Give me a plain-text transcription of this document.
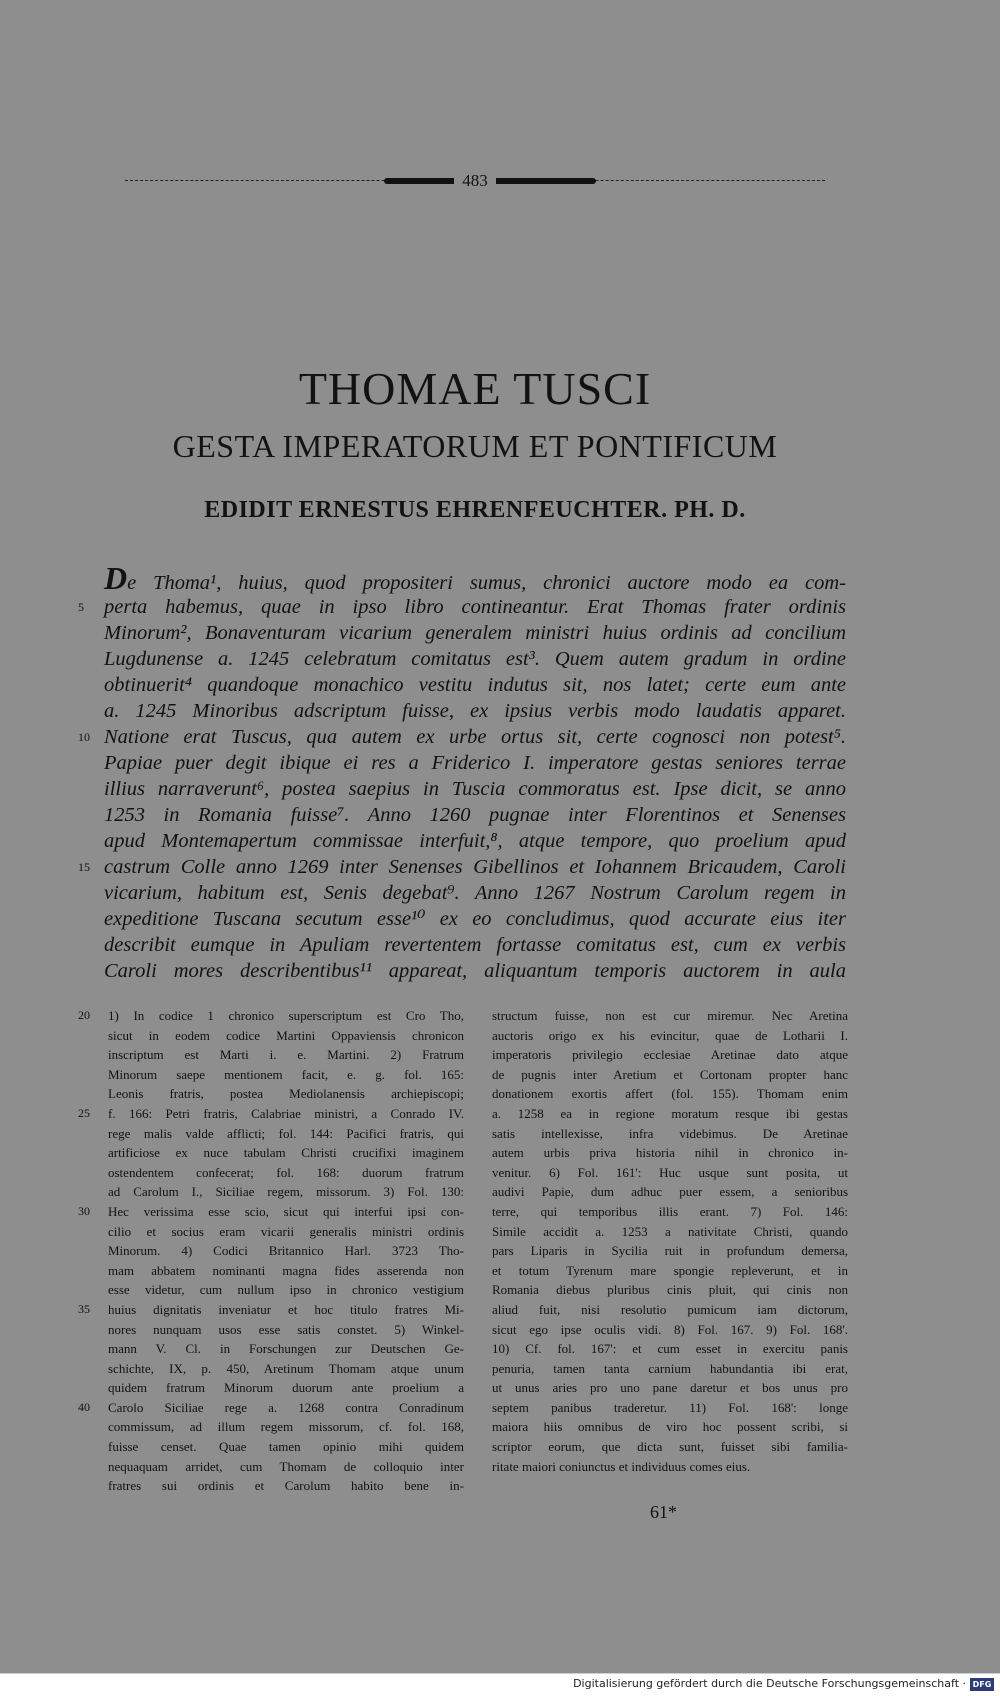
483
THOMAE TUSCI
GESTA IMPERATORUM ET PONTIFICUM
EDIDIT ERNESTUS EHRENFEUCHTER. PH. D.
De Thoma¹, huius, quod propositeri sumus, chronici auctore modo ea com-
perta habemus, quae in ipso libro contineantur. Erat Thomas frater ordinis
5
Minorum², Bonaventuram vicarium generalem ministri huius ordinis ad concilium
Lugdunense a. 1245 celebratum comitatus est³. Quem autem gradum in ordine
obtinuerit⁴ quandoque monachico vestitu indutus sit, nos latet; certe eum ante
a. 1245 Minoribus adscriptum fuisse, ex ipsius verbis modo laudatis apparet.
Natione erat Tuscus, qua autem ex urbe ortus sit, certe cognosci non potest⁵.
10
Papiae puer degit ibique ei res a Friderico I. imperatore gestas seniores terrae
illius narraverunt⁶, postea saepius in Tuscia commoratus est. Ipse dicit, se anno
1253 in Romania fuisse⁷. Anno 1260 pugnae inter Florentinos et Senenses
apud Montemapertum commissae interfuit,⁸, atque tempore, quo proelium apud
castrum Colle anno 1269 inter Senenses Gibellinos et Iohannem Bricaudem, Caroli
15
vicarium, habitum est, Senis degebat⁹. Anno 1267 Nostrum Carolum regem in
expeditione Tuscana secutum esse¹⁰ ex eo concludimus, quod accurate eius iter
describit eumque in Apuliam revertentem fortasse comitatus est, cum ex verbis
Caroli mores describentibus¹¹ appareat, aliquantum temporis auctorem in aula
1) In codice 1 chronico superscriptum est Cro Tho,
20
sicut in eodem codice Martini Oppaviensis chronicon
inscriptum est Marti i. e. Martini. 2) Fratrum
Minorum saepe mentionem facit, e. g. fol. 165:
Leonis fratris, postea Mediolanensis archiepiscopi;
f. 166: Petri fratris, Calabriae ministri, a Conrado IV.
25
rege malis valde afflicti; fol. 144: Pacifici fratris, qui
artificiose ex nuce tabulam Christi crucifixi imaginem
ostendentem confecerat; fol. 168: duorum fratrum
ad Carolum I., Siciliae regem, missorum. 3) Fol. 130:
Hec verissima esse scio, sicut qui interfui ipsi con-
30
cilio et socius eram vicarii generalis ministri ordinis
Minorum. 4) Codici Britannico Harl. 3723 Tho-
mam abbatem nominanti magna fides asserenda non
esse videtur, cum nullum ipso in chronico vestigium
huius dignitatis inveniatur et hoc titulo fratres Mi-
35
nores nunquam usos esse satis constet. 5) Winkel-
mann V. Cl. in Forschungen zur Deutschen Ge-
schichte, IX, p. 450, Aretinum Thomam atque unum
quidem fratrum Minorum duorum ante proelium a
Carolo Siciliae rege a. 1268 contra Conradinum
40
commissum, ad illum regem missorum, cf. fol. 168,
fuisse censet. Quae tamen opinio mihi quidem
nequaquam arridet, cum Thomam de colloquio inter
fratres sui ordinis et Carolum habito bene in-
structum fuisse, non est cur miremur. Nec Aretina
auctoris origo ex his evincitur, quae de Lotharii I.
imperatoris privilegio ecclesiae Aretinae dato atque
de pugnis inter Aretium et Cortonam propter hanc
donationem exortis affert (fol. 155). Thomam enim
a. 1258 ea in regione moratum resque ibi gestas
satis intellexisse, infra videbimus. De Aretinae
autem urbis priva historia nihil in chronico in-
venitur. 6) Fol. 161': Huc usque sunt posita, ut
audivi Papie, dum adhuc puer essem, a senioribus
terre, qui temporibus illis erant. 7) Fol. 146:
Simile accidit a. 1253 a nativitate Christi, quando
pars Liparis in Sycilia ruit in profundum demersa,
et totum Tyrenum mare spongie repleverunt, et in
Romania diebus pluribus cinis pluit, qui cinis non
aliud fuit, nisi resolutio pumicum iam dictorum,
sicut ego ipse oculis vidi. 8) Fol. 167. 9) Fol. 168'.
10) Cf. fol. 167': et cum esset in exercitu panis
penuria, tamen tanta carnium habundantia ibi erat,
ut unus aries pro uno pane daretur et bos unus pro
septem panibus traderetur. 11) Fol. 168': longe
maiora hiis omnibus de viro hoc possent scribi, si
scriptor eorum, que dicta sunt, fuisset sibi familia-
ritate maiori coniunctus et individuus comes eius.
61*
Digitalisierung gefördert durch die Deutsche Forschungsgemeinschaft · DFG
